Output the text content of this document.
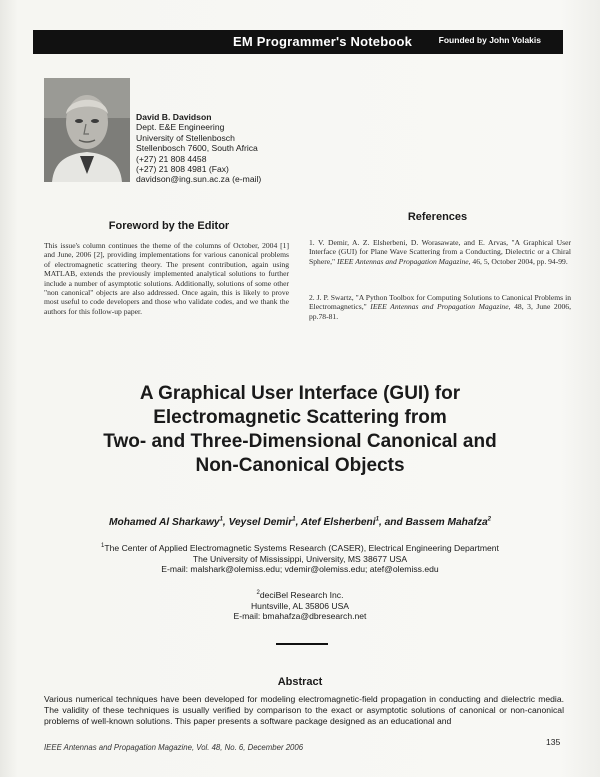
EM Programmer's Notebook	Founded by John Volakis
David B. Davidson
Dept. E&E Engineering
University of Stellenbosch
Stellenbosch 7600, South Africa
(+27) 21 808 4458
(+27) 21 808 4981 (Fax)
davidson@ing.sun.ac.za (e-mail)
Foreword by the Editor
This issue's column continues the theme of the columns of October, 2004 [1] and June, 2006 [2], providing implementations for various canonical problems of electromagnetic scattering theory. The present contribution, again using MATLAB, extends the previously implemented analytical solutions to further include a number of asymptotic solutions. Additionally, solutions of some other "non canonical" objects are also addressed. Once again, this is likely to prove most useful to code developers and those who validate codes, and we thank the authors for this follow-up paper.
References
1. V. Demir, A. Z. Elsherbeni, D. Worasawate, and E. Arvas, "A Graphical User Interface (GUI) for Plane Wave Scattering from a Conducting, Dielectric or a Chiral Sphere," IEEE Antennas and Propagation Magazine, 46, 5, October 2004, pp. 94-99.
2. J. P. Swartz, "A Python Toolbox for Computing Solutions to Canonical Problems in Electromagnetics," IEEE Antennas and Propagation Magazine, 48, 3, June 2006, pp.78-81.
A Graphical User Interface (GUI) for
Electromagnetic Scattering from
Two- and Three-Dimensional Canonical and
Non-Canonical Objects
Mohamed Al Sharkawy$^1$, Veysel Demir$^1$, Atef Elsherbeni$^1$, and Bassem Mahafza$^2$
$^1$The Center of Applied Electromagnetic Systems Research (CASER), Electrical Engineering Department
The University of Mississippi, University, MS 38677 USA
E-mail: malshark@olemiss.edu; vdemir@olemiss.edu; atef@olemiss.edu
$^2$deciBel Research Inc.
Huntsville, AL 35806 USA
E-mail: bmahafza@dbresearch.net
Abstract
Various numerical techniques have been developed for modeling electromagnetic-field propagation in conducting and dielectric media. The validity of these techniques is usually verified by comparison to the exact or asymptotic solutions of canonical or non-canonical problems of well-known solutions. This paper presents a software package designed as an educational and
IEEE Antennas and Propagation Magazine, Vol. 48, No. 6, December 2006
135
